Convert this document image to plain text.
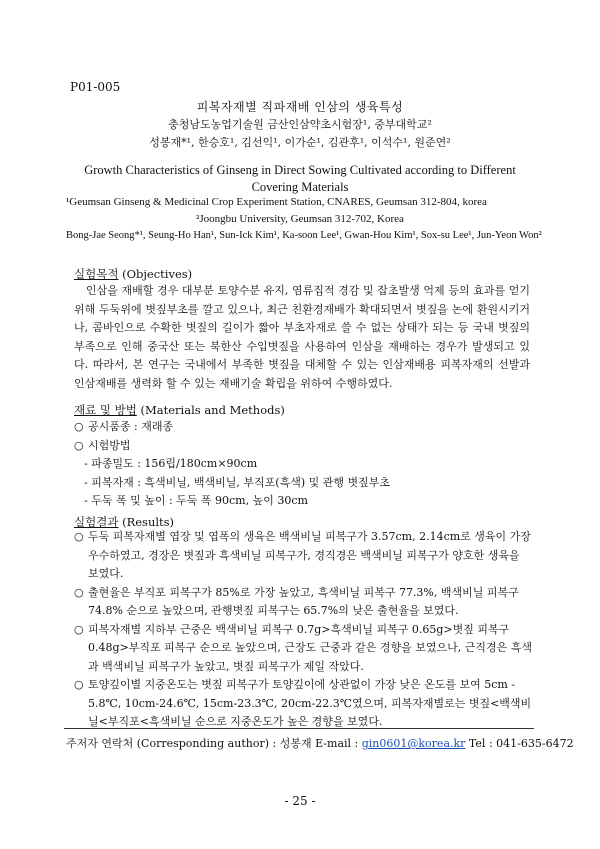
P01-005
피복자재별 직파재배 인삼의 생육특성
충청남도농업기술원 금산인삼약초시험장¹, 중부대학교²
성봉재*¹, 한승호¹, 김선익¹, 이가순¹, 김관후¹, 이석수¹, 원준연²
Growth Characteristics of Ginseng in Direct Sowing Cultivated according to Different Covering Materials
¹Geumsan Ginseng & Medicinal Crop Experiment Station, CNARES, Geumsan 312-804, korea
²Joongbu University, Geumsan 312-702, Korea
Bong-Jae Seong*¹, Seung-Ho Han¹, Sun-Ick Kim¹, Ka-soon Lee¹, Gwan-Hou Kim¹, Sox-su Lee¹, Jun-Yeon Won²
실험목적 (Objectives)

인삼을 재배할 경우 대부분 토양수분 유지, 염류집적 경감 및 잡초발생 억제 등의 효과를 얻기 위해 두둑위에 볏짚부초를 깔고 있으나, 최근 친환경재배가 확대되면서 볏짚을 논에 환원시키거나, 콤바인으로 수확한 볏짚의 길이가 짧아 부초자재로 쓸 수 없는 상태가 되는 등 국내 볏짚의 부족으로 인해 중국산 또는 북한산 수입볏짚을 사용하여 인삼을 재배하는 경우가 발생되고 있다. 따라서, 본 연구는 국내에서 부족한 볏짚을 대체할 수 있는 인삼재배용 피복자재의 선발과 인삼재배를 생력화 할 수 있는 재배기술 확립을 위하여 수행하였다.

재료 및 방법 (Materials and Methods)
○ 공시품종 : 재래종
○ 시험방법
- 파종밀도 : 156립/180cm×90cm
- 피복자재 : 흑색비닐, 백색비닐, 부직포(흑색) 및 관행 볏짚부초
- 두둑 폭 및 높이 : 두둑 폭 90cm, 높이 30cm
실험결과 (Results)
○ 두둑 피복자재별 엽장 및 엽폭의 생육은 백색비닐 피복구가 3.57cm, 2.14cm로 생육이 가장 우수하였고, 경장은 볏짚과 흑색비닐 피복구가, 경직경은 백색비닐 피복구가 양호한 생육을 보였다.
○ 출현율은 부직포 피복구가 85%로 가장 높았고, 흑색비닐 피복구 77.3%, 백색비닐 피복구 74.8% 순으로 높았으며, 관행볏짚 피복구는 65.7%의 낮은 출현율을 보였다.
○ 피복자재별 지하부 근중은 백색비닐 피복구 0.7g>흑색비닐 피복구 0.65g>볏짚 피복구 0.48g>부직포 피복구 순으로 높았으며, 근장도 근중과 같은 경향을 보였으나, 근직경은 흑색과 백색비닐 피복구가 높았고, 볏짚 피복구가 제일 작았다.
○ 토양깊이별 지중온도는 볏짚 피복구가 토양깊이에 상관없이 가장 낮은 온도를 보여 5cm - 5.8℃, 10cm-24.6℃, 15cm-23.3℃, 20cm-22.3℃였으며, 피복자재별로는 볏짚<백색비닐<부직포<흑색비닐 순으로 지중온도가 높은 경향을 보였다.
주저자 연락처 (Corresponding author) : 성봉재 E-mail : gin0601@korea.kr Tel : 041-635-6472
- 25 -
